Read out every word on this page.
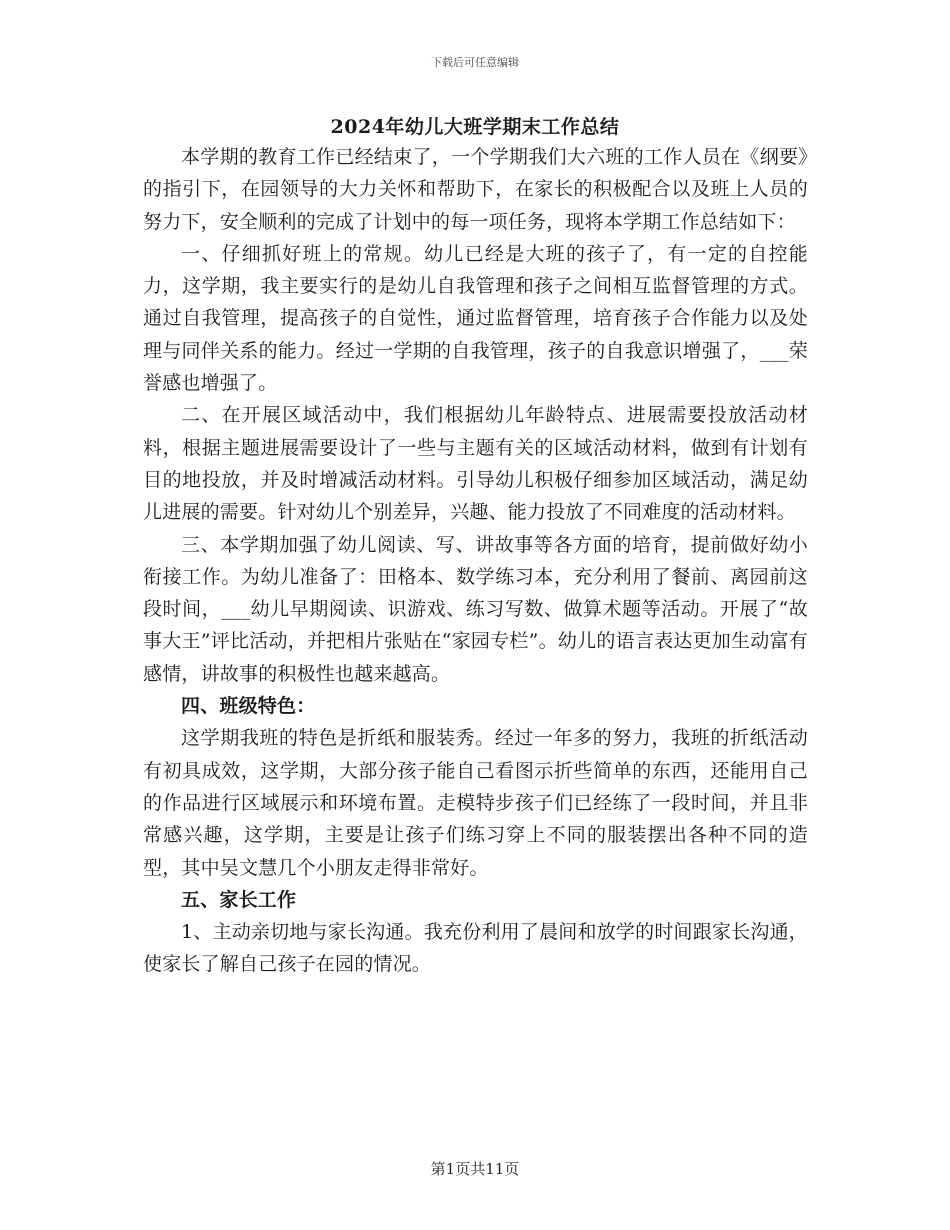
下载后可任意编辑
2024年幼儿大班学期末工作总结

本学期的教育工作已经结束了，一个学期我们大六班的工作人员在《纲要》的指引下，在园领导的大力关怀和帮助下，在家长的积极配合以及班上人员的努力下，安全顺利的完成了计划中的每一项任务，现将本学期工作总结如下：

一、仔细抓好班上的常规。幼儿已经是大班的孩子了，有一定的自控能力，这学期，我主要实行的是幼儿自我管理和孩子之间相互监督管理的方式。通过自我管理，提高孩子的自觉性，通过监督管理，培育孩子合作能力以及处理与同伴关系的能力。经过一学期的自我管理，孩子的自我意识增强了，___荣誉感也增强了。

二、在开展区域活动中，我们根据幼儿年龄特点、进展需要投放活动材料，根据主题进展需要设计了一些与主题有关的区域活动材料，做到有计划有目的地投放，并及时增减活动材料。引导幼儿积极仔细参加区域活动，满足幼儿进展的需要。针对幼儿个别差异，兴趣、能力投放了不同难度的活动材料。

三、本学期加强了幼儿阅读、写、讲故事等各方面的培育，提前做好幼小衔接工作。为幼儿准备了：田格本、数学练习本，充分利用了餐前、离园前这段时间，___幼儿早期阅读、识游戏、练习写数、做算术题等活动。开展了“故事大王”评比活动，并把相片张贴在“家园专栏”。幼儿的语言表达更加生动富有感情，讲故事的积极性也越来越高。

四、班级特色：

这学期我班的特色是折纸和服装秀。经过一年多的努力，我班的折纸活动有初具成效，这学期，大部分孩子能自己看图示折些简单的东西，还能用自己的作品进行区域展示和环境布置。走模特步孩子们已经练了一段时间，并且非常感兴趣，这学期，主要是让孩子们练习穿上不同的服装摆出各种不同的造型，其中吴文慧几个小朋友走得非常好。

五、家长工作

1、主动亲切地与家长沟通。我充份利用了晨间和放学的时间跟家长沟通，使家长了解自己孩子在园的情况。

第1页共11页
